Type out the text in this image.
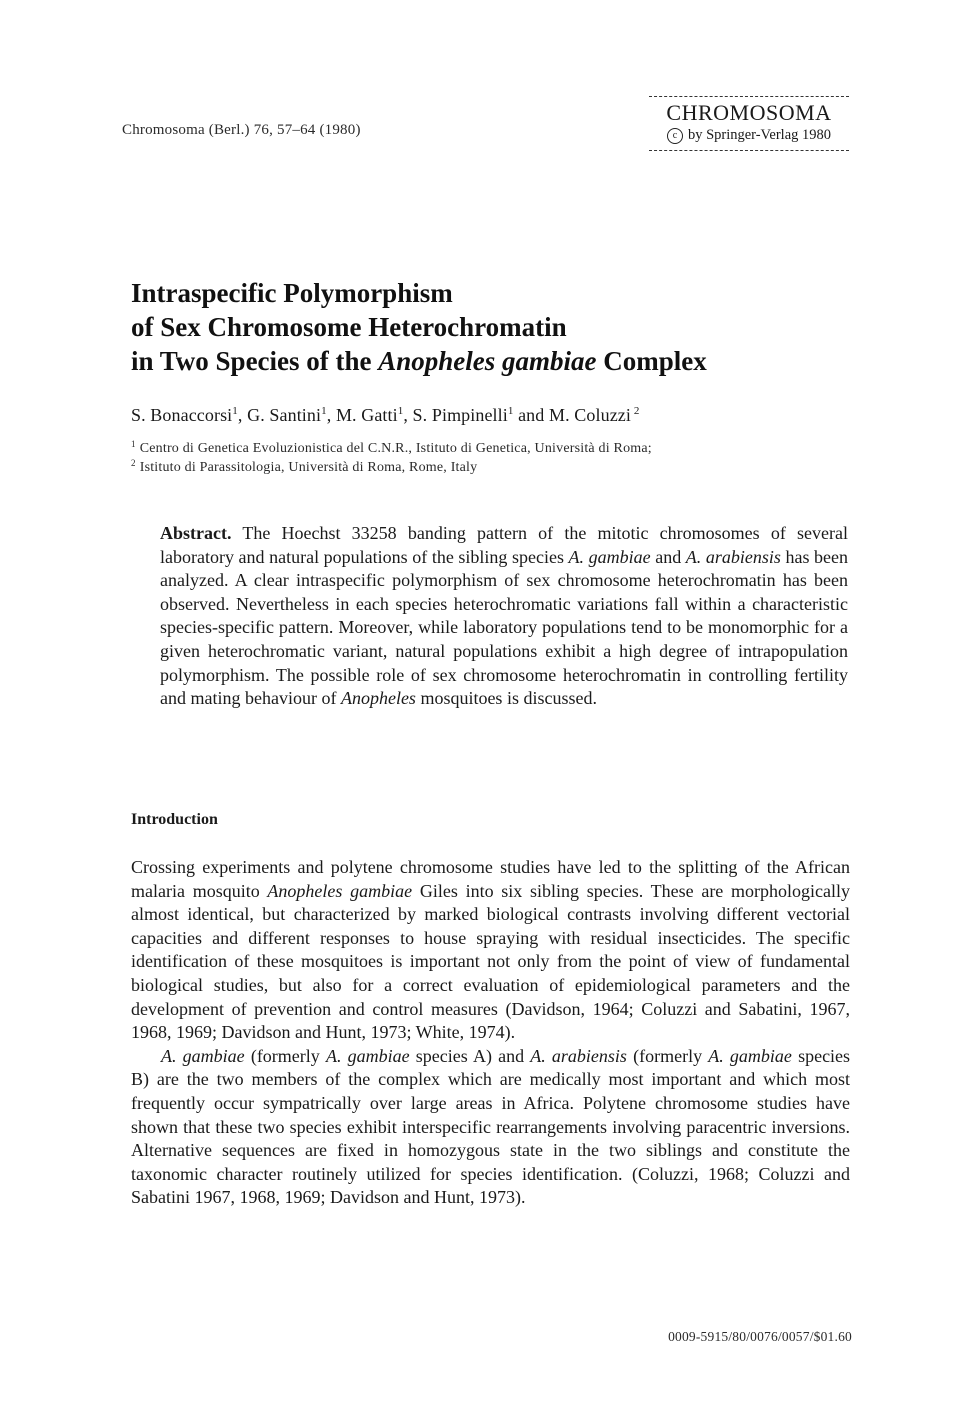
Chromosoma (Berl.) 76, 57–64 (1980)
CHROMOSOMA
c by Springer-Verlag 1980
Intraspecific Polymorphism
of Sex Chromosome Heterochromatin
in Two Species of the Anopheles gambiae Complex
S. Bonaccorsi$^1$, G. Santini$^1$, M. Gatti$^1$, S. Pimpinelli$^1$ and M. Coluzzi $^2$
$^1$ Centro di Genetica Evoluzionistica del C.N.R., Istituto di Genetica, Università di Roma;
$^2$ Istituto di Parassitologia, Università di Roma, Rome, Italy
Abstract. The Hoechst 33258 banding pattern of the mitotic chromosomes of several laboratory and natural populations of the sibling species A. gambiae and A. arabiensis has been analyzed. A clear intraspecific polymorphism of sex chromosome heterochromatin has been observed. Nevertheless in each species heterochromatic variations fall within a characteristic species-specific pattern. Moreover, while laboratory populations tend to be monomorphic for a given heterochromatic variant, natural populations exhibit a high degree of intrapopulation polymorphism. The possible role of sex chromosome heterochromatin in controlling fertility and mating behaviour of Anopheles mosquitoes is discussed.
Introduction

Crossing experiments and polytene chromosome studies have led to the splitting of the African malaria mosquito Anopheles gambiae Giles into six sibling species. These are morphologically almost identical, but characterized by marked biological contrasts involving different vectorial capacities and different responses to house spraying with residual insecticides. The specific identification of these mosquitoes is important not only from the point of view of fundamental biological studies, but also for a correct evaluation of epidemiological parameters and the development of prevention and control measures (Davidson, 1964; Coluzzi and Sabatini, 1967, 1968, 1969; Davidson and Hunt, 1973; White, 1974).

A. gambiae (formerly A. gambiae species A) and A. arabiensis (formerly A. gambiae species B) are the two members of the complex which are medically most important and which most frequently occur sympatrically over large areas in Africa. Polytene chromosome studies have shown that these two species exhibit interspecific rearrangements involving paracentric inversions. Alternative sequences are fixed in homozygous state in the two siblings and constitute the taxonomic character routinely utilized for species identification. (Coluzzi, 1968; Coluzzi and Sabatini 1967, 1968, 1969; Davidson and Hunt, 1973).

0009-5915/80/0076/0057/$01.60
